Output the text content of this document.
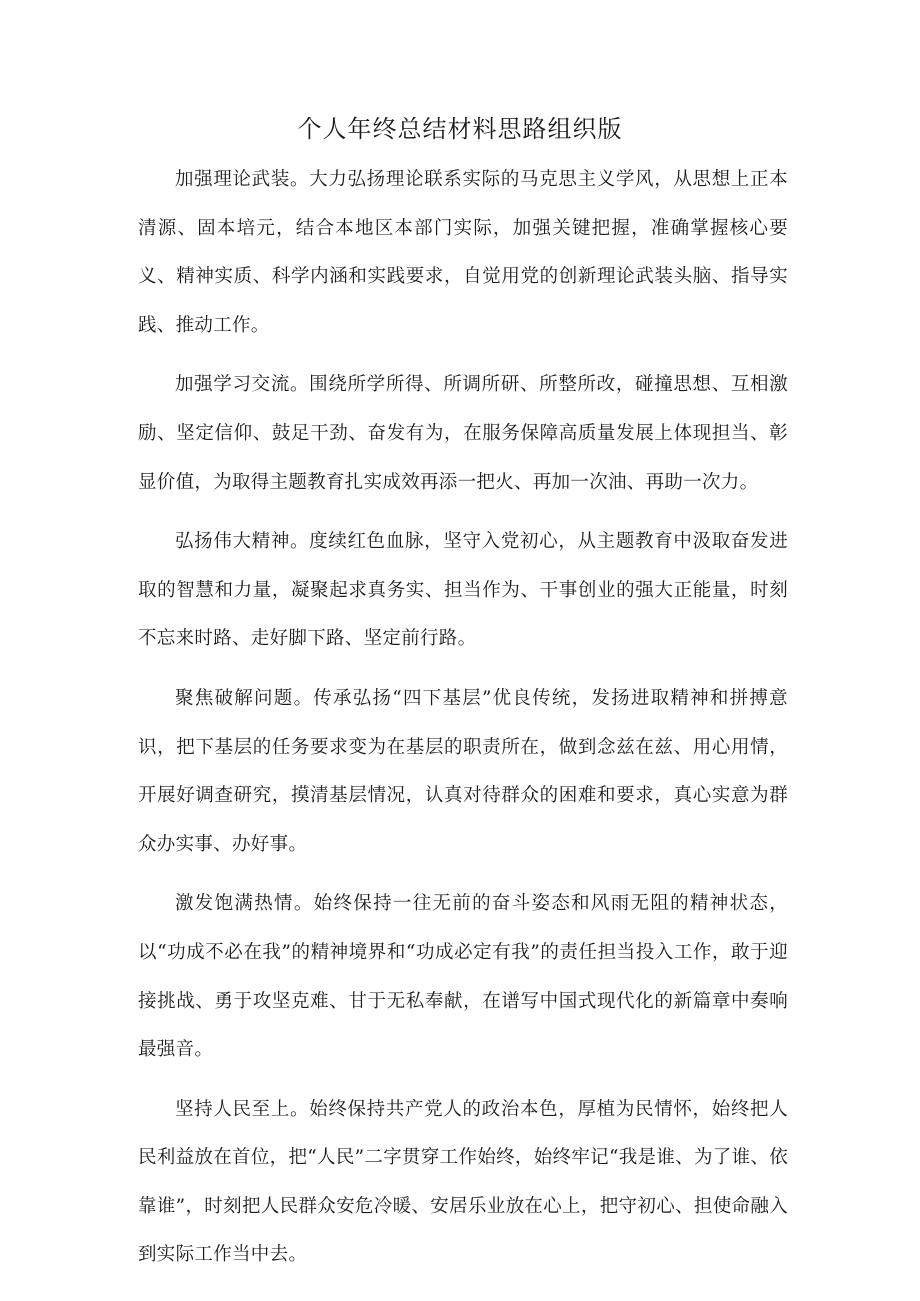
个人年终总结材料思路组织版

加强理论武装。大力弘扬理论联系实际的马克思主义学风，从思想上正本清源、固本培元，结合本地区本部门实际，加强关键把握，准确掌握核心要义、精神实质、科学内涵和实践要求，自觉用党的创新理论武装头脑、指导实践、推动工作。

加强学习交流。围绕所学所得、所调所研、所整所改，碰撞思想、互相激励、坚定信仰、鼓足干劲、奋发有为，在服务保障高质量发展上体现担当、彰显价值，为取得主题教育扎实成效再添一把火、再加一次油、再助一次力。

弘扬伟大精神。度续红色血脉，坚守入党初心，从主题教育中汲取奋发进取的智慧和力量，凝聚起求真务实、担当作为、干事创业的强大正能量，时刻不忘来时路、走好脚下路、坚定前行路。

聚焦破解问题。传承弘扬“四下基层”优良传统，发扬进取精神和拼搏意识，把下基层的任务要求变为在基层的职责所在，做到念兹在兹、用心用情，开展好调查研究，摸清基层情况，认真对待群众的困难和要求，真心实意为群众办实事、办好事。

激发饱满热情。始终保持一往无前的奋斗姿态和风雨无阻的精神状态，以“功成不必在我”的精神境界和“功成必定有我”的责任担当投入工作，敢于迎接挑战、勇于攻坚克难、甘于无私奉献，在谱写中国式现代化的新篇章中奏响最强音。

坚持人民至上。始终保持共产党人的政治本色，厚植为民情怀，始终把人民利益放在首位，把“人民”二字贯穿工作始终，始终牢记“我是谁、为了谁、依靠谁”，时刻把人民群众安危冷暖、安居乐业放在心上，把守初心、担使命融入到实际工作当中去。
